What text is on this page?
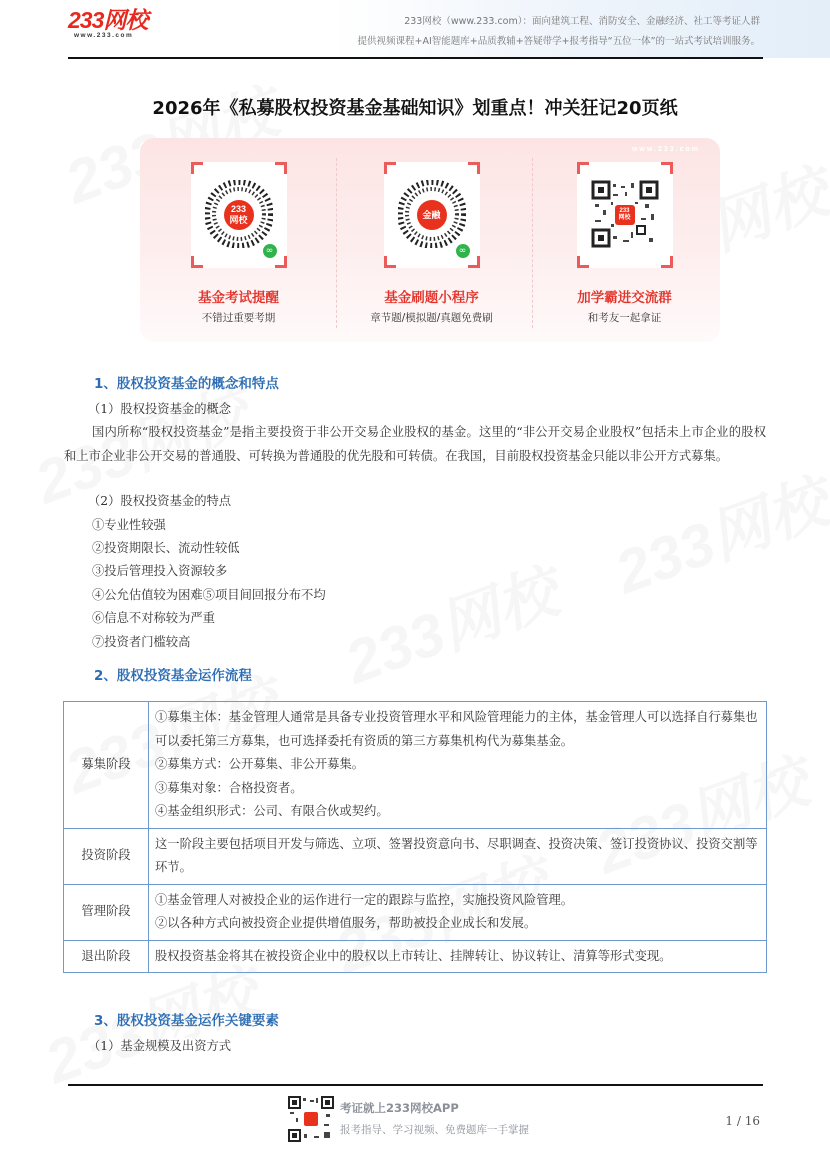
233网校
www.233.com
233网校（www.233.com）：面向建筑工程、消防安全、金融经济、社工等考证人群
提供视频课程+AI智能题库+品质教辅+答疑带学+报考指导“五位一体”的一站式考试培训服务。
2026年《私募股权投资基金基础知识》划重点！冲关狂记20页纸
www.233.com
233
网校
∞
基金考试提醒
不错过重要考期
金融
∞
基金刷题小程序
章节题/模拟题/真题免费刷
233
网校
加学霸进交流群
和考友一起拿证
1、股权投资基金的概念和特点
（1）股权投资基金的概念
国内所称“股权投资基金”是指主要投资于非公开交易企业股权的基金。这里的“非公开交易企业股权”包括未上市企业的股权和上市企业非公开交易的普通股、可转换为普通股的优先股和可转债。在我国，目前股权投资基金只能以非公开方式募集。
（2）股权投资基金的特点
①专业性较强
②投资期限长、流动性较低
③投后管理投入资源较多
④公允估值较为困难⑤项目间回报分布不均
⑥信息不对称较为严重
⑦投资者门槛较高
2、股权投资基金运作流程
募集阶段	①募集主体：基金管理人通常是具备专业投资管理水平和风险管理能力的主体，基金管理人可以选择自行募集也可以委托第三方募集，也可选择委托有资质的第三方募集机构代为募集基金。
②募集方式：公开募集、非公开募集。
③募集对象：合格投资者。
④基金组织形式：公司、有限合伙或契约。

投资阶段	这一阶段主要包括项目开发与筛选、立项、签署投资意向书、尽职调查、投资决策、签订投资协议、投资交割等环节。

管理阶段	①基金管理人对被投企业的运作进行一定的跟踪与监控，实施投资风险管理。
②以各种方式向被投资企业提供增值服务，帮助被投企业成长和发展。

退出阶段	股权投资基金将其在被投资企业中的股权以上市转让、挂牌转让、协议转让、清算等形式变现。
3、股权投资基金运作关键要素
（1）基金规模及出资方式
考证就上233网校APP
报考指导、学习视频、免费题库一手掌握
1 / 16
